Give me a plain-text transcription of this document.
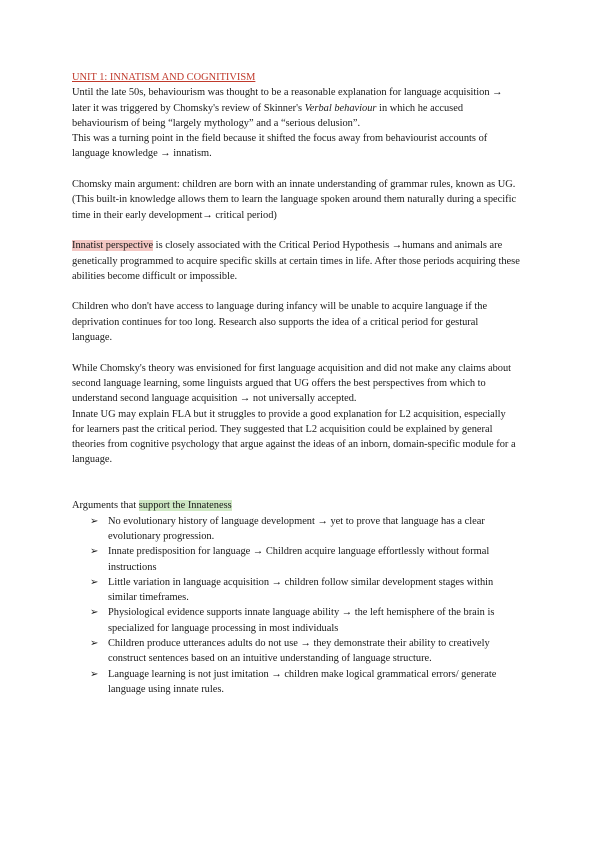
UNIT 1: INNATISM AND COGNITIVISM

Until the late 50s, behaviourism was thought to be a reasonable explanation for language acquisition → later it was triggered by Chomsky's review of Skinner's Verbal behaviour in which he accused behaviourism of being “largely mythology” and a “serious delusion”.

This was a turning point in the field because it shifted the focus away from behaviourist accounts of language knowledge → innatism.

Chomsky main argument: children are born with an innate understanding of grammar rules, known as UG. (This built-in knowledge allows them to learn the language spoken around them naturally during a specific time in their early development→ critical period)

Innatist perspective is closely associated with the Critical Period Hypothesis →humans and animals are genetically programmed to acquire specific skills at certain times in life. After those periods acquiring these abilities become difficult or impossible.

Children who don't have access to language during infancy will be unable to acquire language if the deprivation continues for too long. Research also supports the idea of a critical period for gestural language.

While Chomsky's theory was envisioned for first language acquisition and did not make any claims about second language learning, some linguists argued that UG offers the best perspectives from which to understand second language acquisition → not universally accepted.

Innate UG may explain FLA but it struggles to provide a good explanation for L2 acquisition, especially for learners past the critical period. They suggested that L2 acquisition could be explained by general theories from cognitive psychology that argue against the ideas of an inborn, domain-specific module for a language.

Arguments that support the Innateness

➢ No evolutionary history of language development → yet to prove that language has a clear evolutionary progression.
➢ Innate predisposition for language → Children acquire language effortlessly without formal instructions
➢ Little variation in language acquisition → children follow similar development stages within similar timeframes.
➢ Physiological evidence supports innate language ability → the left hemisphere of the brain is specialized for language processing in most individuals
➢ Children produce utterances adults do not use → they demonstrate their ability to creatively construct sentences based on an intuitive understanding of language structure.
➢ Language learning is not just imitation → children make logical grammatical errors/ generate language using innate rules.
